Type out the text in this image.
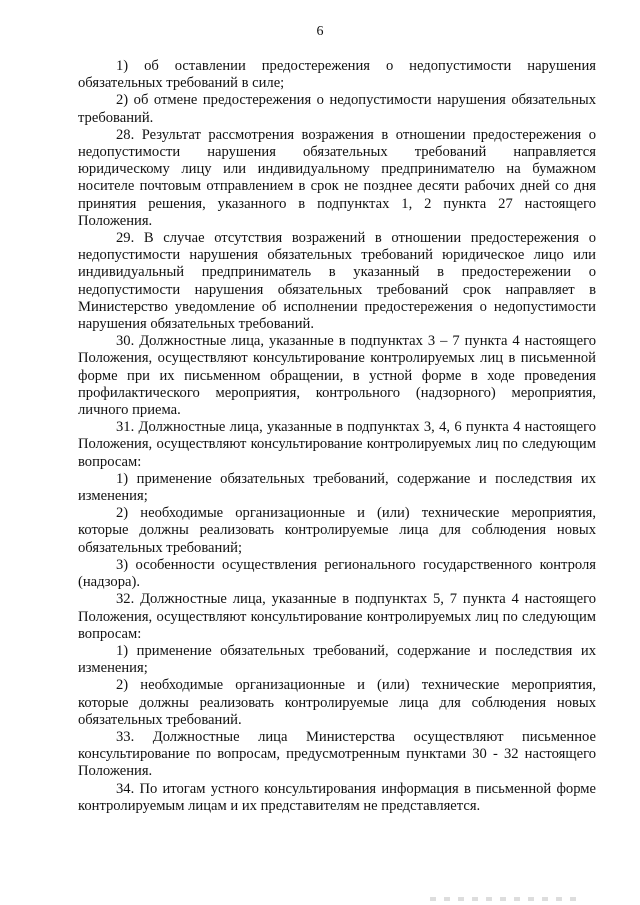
6

1) об оставлении предостережения о недопустимости нарушения обязательных требований в силе;

2) об отмене предостережения о недопустимости нарушения обязательных требований.

28. Результат рассмотрения возражения в отношении предостережения о недопустимости нарушения обязательных требований направляется юридическому лицу или индивидуальному предпринимателю на бумажном носителе почтовым отправлением в срок не позднее десяти рабочих дней со дня принятия решения, указанного в подпунктах 1, 2 пункта 27 настоящего Положения.

29. В случае отсутствия возражений в отношении предостережения о недопустимости нарушения обязательных требований юридическое лицо или индивидуальный предприниматель в указанный в предостережении о недопустимости нарушения обязательных требований срок направляет в Министерство уведомление об исполнении предостережения о недопустимости нарушения обязательных требований.

30. Должностные лица, указанные в подпунктах 3 – 7 пункта 4 настоящего Положения, осуществляют консультирование контролируемых лиц в письменной форме при их письменном обращении, в устной форме в ходе проведения профилактического мероприятия, контрольного (надзорного) мероприятия, личного приема.

31. Должностные лица, указанные в подпунктах 3, 4, 6 пункта 4 настоящего Положения, осуществляют консультирование контролируемых лиц по следующим вопросам:

1) применение обязательных требований, содержание и последствия их изменения;

2) необходимые организационные и (или) технические мероприятия, которые должны реализовать контролируемые лица для соблюдения новых обязательных требований;

3) особенности осуществления регионального государственного контроля (надзора).

32. Должностные лица, указанные в подпунктах 5, 7 пункта 4 настоящего Положения, осуществляют консультирование контролируемых лиц по следующим вопросам:

1) применение обязательных требований, содержание и последствия их изменения;

2) необходимые организационные и (или) технические мероприятия, которые должны реализовать контролируемые лица для соблюдения новых обязательных требований.

33. Должностные лица Министерства осуществляют письменное консультирование по вопросам, предусмотренным пунктами 30 - 32 настоящего Положения.

34. По итогам устного консультирования информация в письменной форме контролируемым лицам и их представителям не представляется.
